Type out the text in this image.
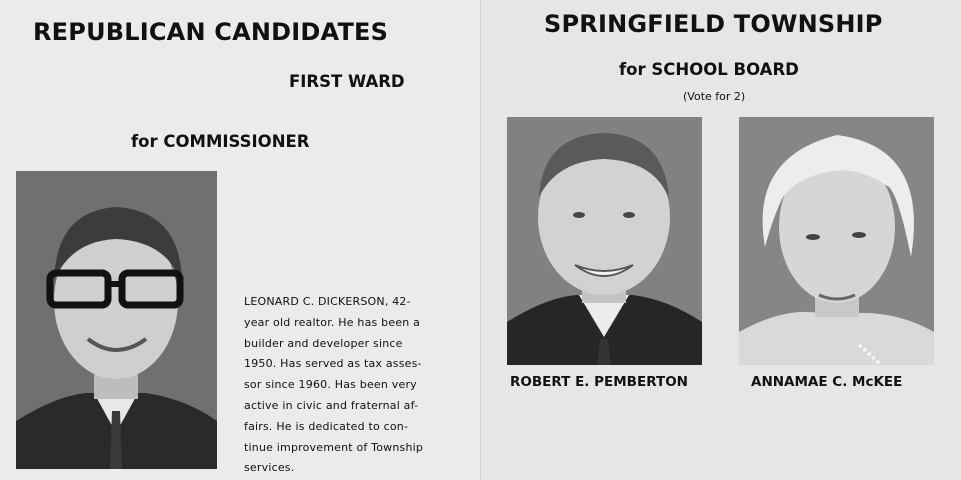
REPUBLICAN CANDIDATES

FIRST WARD

for COMMISSIONER

LEONARD C. DICKERSON, 42-
year old realtor. He has been a
builder and developer since
1950. Has served as tax asses-
sor since 1960. Has been very
active in civic and fraternal af-
fairs. He is dedicated to con-
tinue improvement of Township
services.

SPRINGFIELD TOWNSHIP

for SCHOOL BOARD

(Vote for 2)

ROBERT E. PEMBERTON	ANNAMAE C. McKEE
